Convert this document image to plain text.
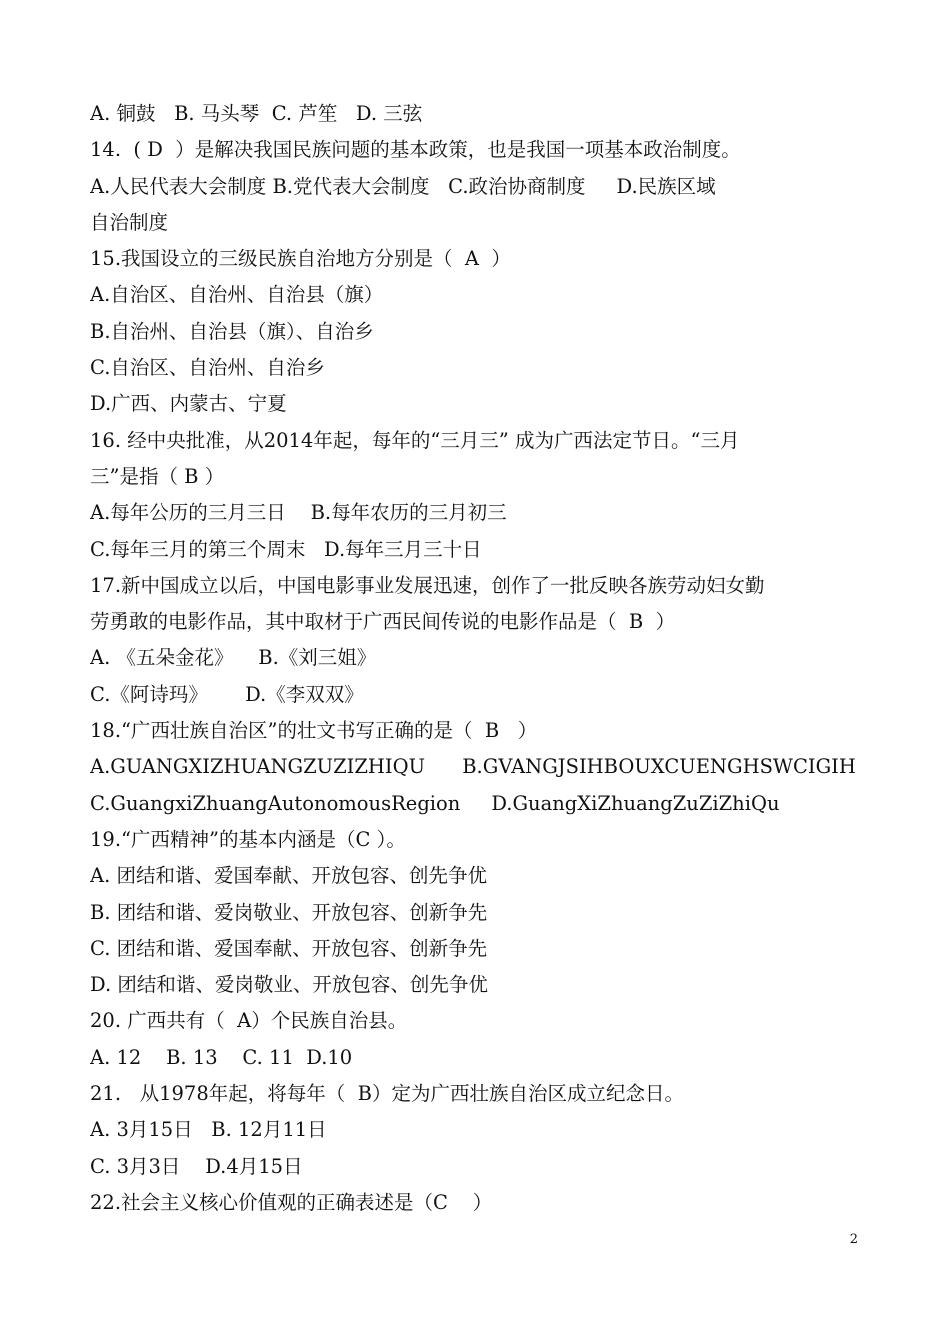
A. 铜鼓   B. 马头琴  C. 芦笙   D. 三弦
14.  ( D  ）是解决我国民族问题的基本政策，也是我国一项基本政治制度。
A.人民代表大会制度 B.党代表大会制度   C.政治协商制度     D.民族区域
自治制度
15.我国设立的三级民族自治地方分别是（  A  ）
A.自治区、自治州、自治县（旗）
B.自治州、自治县（旗）、自治乡
C.自治区、自治州、自治乡
D.广西、内蒙古、宁夏
16. 经中央批准，从2014年起，每年的“三月三” 成为广西法定节日。“三月
三”是指（ B ）
A.每年公历的三月三日    B.每年农历的三月初三
C.每年三月的第三个周末   D.每年三月三十日
17.新中国成立以后，中国电影事业发展迅速，创作了一批反映各族劳动妇女勤
劳勇敢的电影作品，其中取材于广西民间传说的电影作品是（  B  ）
A. 《五朵金花》    B.《刘三姐》
C.《阿诗玛》      D.《李双双》
18.“广西壮族自治区”的壮文书写正确的是（  B   ）
A.GUANGXIZHUANGZUZIZHIQU      B.GVANGJSIHBOUXCUENGHSWCIGIH
C.GuangxiZhuangAutonomousRegion     D.GuangXiZhuangZuZiZhiQu
19.“广西精神”的基本内涵是（C ）。
A. 团结和谐、爱国奉献、开放包容、创先争优
B. 团结和谐、爱岗敬业、开放包容、创新争先
C. 团结和谐、爱国奉献、开放包容、创新争先
D. 团结和谐、爱岗敬业、开放包容、创先争优
20. 广西共有（  A）个民族自治县。
A. 12    B. 13    C. 11  D.10
21.   从1978年起，将每年（  B）定为广西壮族自治区成立纪念日。
A. 3月15日   B. 12月11日
C. 3月3日    D.4月15日
22.社会主义核心价值观的正确表述是（C    ）
2
